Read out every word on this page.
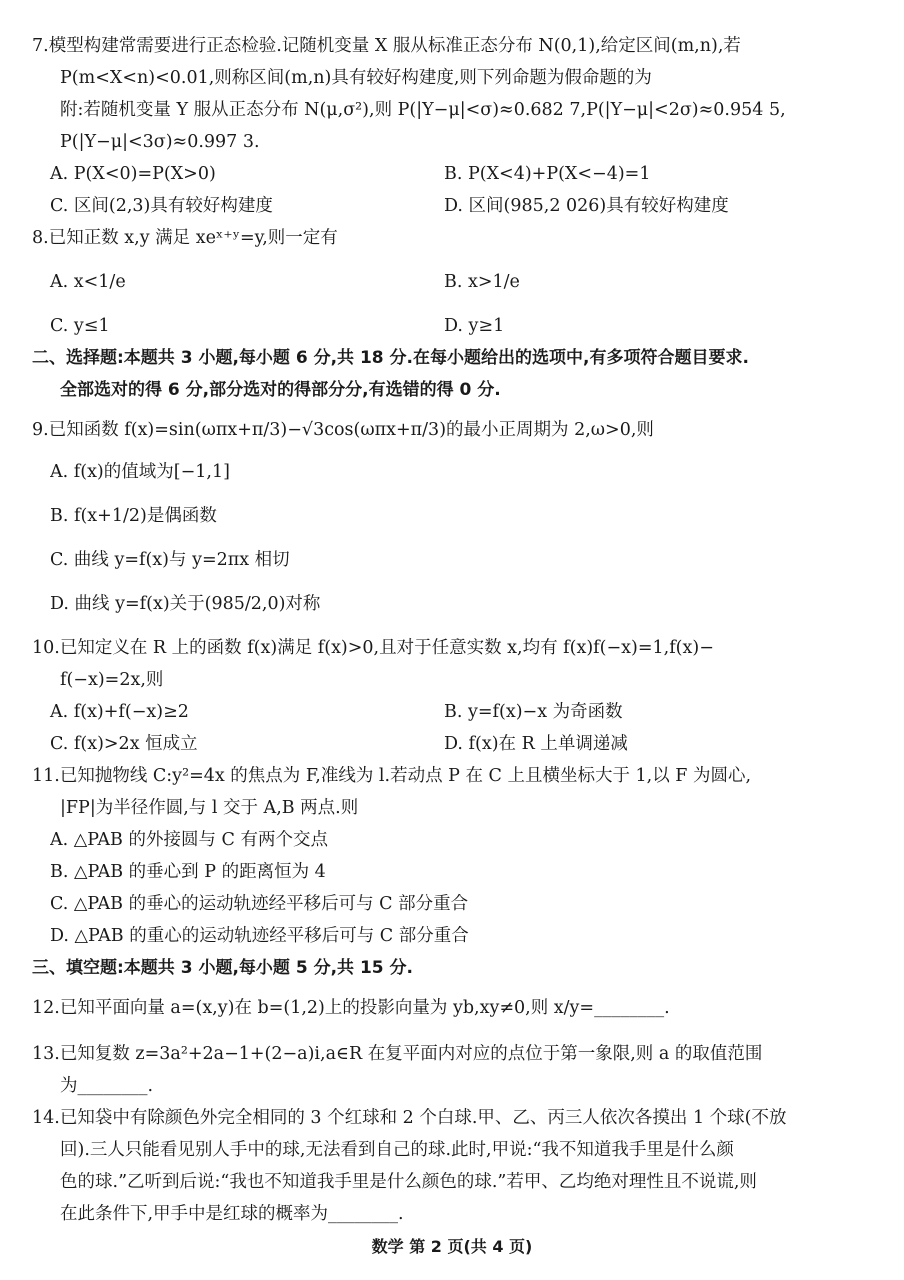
7.模型构建常需要进行正态检验.记随机变量 X 服从标准正态分布 N(0,1),给定区间(m,n),若
P(m<X<n)<0.01,则称区间(m,n)具有较好构建度,则下列命题为假命题的为
附:若随机变量 Y 服从正态分布 N(μ,σ²),则 P(|Y−μ|<σ)≈0.682 7,P(|Y−μ|<2σ)≈0.954 5,
P(|Y−μ|<3σ)≈0.997 3.
A. P(X<0)=P(X>0)	B. P(X<4)+P(X<−4)=1
C. 区间(2,3)具有较好构建度	D. 区间(985,2 026)具有较好构建度
8.已知正数 x,y 满足 xeˣ⁺ʸ=y,则一定有
A. x<1/e	B. x>1/e
C. y≤1	D. y≥1
二、选择题:本题共 3 小题,每小题 6 分,共 18 分.在每小题给出的选项中,有多项符合题目要求.
全部选对的得 6 分,部分选对的得部分分,有选错的得 0 分.
9.已知函数 f(x)=sin(ωπx+π/3)−√3cos(ωπx+π/3)的最小正周期为 2,ω>0,则
A. f(x)的值域为[−1,1]
B. f(x+1/2)是偶函数
C. 曲线 y=f(x)与 y=2πx 相切
D. 曲线 y=f(x)关于(985/2,0)对称
10.已知定义在 R 上的函数 f(x)满足 f(x)>0,且对于任意实数 x,均有 f(x)f(−x)=1,f(x)−
f(−x)=2x,则
A. f(x)+f(−x)≥2	B. y=f(x)−x 为奇函数
C. f(x)>2x 恒成立	D. f(x)在 R 上单调递减
11.已知抛物线 C:y²=4x 的焦点为 F,准线为 l.若动点 P 在 C 上且横坐标大于 1,以 F 为圆心,
|FP|为半径作圆,与 l 交于 A,B 两点.则
A. △PAB 的外接圆与 C 有两个交点
B. △PAB 的垂心到 P 的距离恒为 4
C. △PAB 的垂心的运动轨迹经平移后可与 C 部分重合
D. △PAB 的重心的运动轨迹经平移后可与 C 部分重合
三、填空题:本题共 3 小题,每小题 5 分,共 15 分.
12.已知平面向量 a=(x,y)在 b=(1,2)上的投影向量为 yb,xy≠0,则 x/y=________.
13.已知复数 z=3a²+2a−1+(2−a)i,a∈R 在复平面内对应的点位于第一象限,则 a 的取值范围
为________.
14.已知袋中有除颜色外完全相同的 3 个红球和 2 个白球.甲、乙、丙三人依次各摸出 1 个球(不放
回).三人只能看见别人手中的球,无法看到自己的球.此时,甲说:“我不知道我手里是什么颜
色的球.”乙听到后说:“我也不知道我手里是什么颜色的球.”若甲、乙均绝对理性且不说谎,则
在此条件下,甲手中是红球的概率为________.
数学 第 2 页(共 4 页)
